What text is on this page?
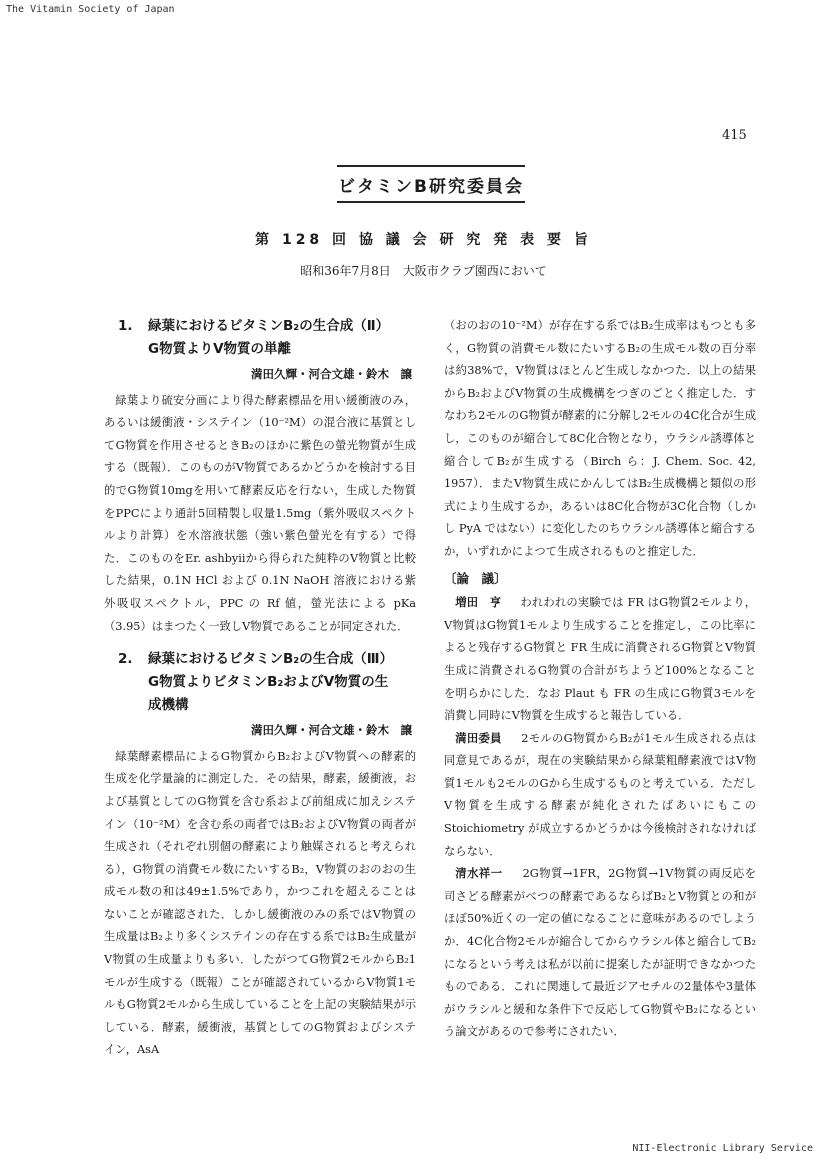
The Vitamin Society of Japan
415
ビタミンB研究委員会
第 128 回 協 議 会 研 究 発 表 要 旨
昭和36年7月8日　大阪市クラブ園西において
1.	緑葉におけるビタミンB₂の生合成（Ⅱ）
G物質よりV物質の単離
満田久輝・河合文雄・鈴木　譲

緑葉より硫安分画により得た酵素標品を用い緩衝液のみ，あるいは緩衝液・システイン（10⁻²M）の混合液に基質としてG物質を作用させるときB₂のほかに紫色の螢光物質が生成する（既報）．このものがV物質であるかどうかを検討する目的でG物質10mgを用いて酵素反応を行ない，生成した物質をPPCにより通計5回精製し収量1.5mg（紫外吸収スペクトルより計算）を水溶液状態（強い紫色螢光を有する）で得た．このものをEr. ashbyiiから得られた純粋のV物質と比較した結果，0.1N HCl および 0.1N NaOH 溶液における紫外吸収スペクトル，PPC の Rf 値，螢光法による pKa（3.95）はまつたく一致しV物質であることが同定された．

2.	緑葉におけるビタミンB₂の生合成（Ⅲ）
G物質よりビタミンB₂およびV物質の生
成機構
満田久輝・河合文雄・鈴木　譲

緑葉酵素標品によるG物質からB₂およびV物質への酵素的生成を化学量論的に測定した．その結果，酵素，緩衝液，および基質としてのG物質を含む系および前組成に加えシステイン（10⁻²M）を含む系の両者ではB₂およびV物質の両者が生成され（それぞれ別個の酵素により触媒されると考えられる），G物質の消費モル数にたいするB₂，V物質のおのおの生成モル数の和は49±1.5%であり，かつこれを超えることはないことが確認された．しかし緩衝液のみの系ではV物質の生成量はB₂より多くシステインの存在する系ではB₂生成量がV物質の生成量よりも多い．したがつてG物質2モルからB₂1モルが生成する（既報）ことが確認されているからV物質1モルもG物質2モルから生成していることを上記の実験結果が示している．酵素，緩衝液，基質としてのG物質およびシステイン，AsA

（おのおの10⁻²M）が存在する系ではB₂生成率はもつとも多く，G物質の消費モル数にたいするB₂の生成モル数の百分率は約38%で，V物質はほとんど生成しなかつた．以上の結果からB₂およびV物質の生成機構をつぎのごとく推定した．すなわち2モルのG物質が酵素的に分解し2モルの4C化合が生成し，このものが縮合して8C化合物となり，ウラシル誘導体と縮合してB₂が生成する（Birch ら：J. Chem. Soc. 42, 1957）．またV物質生成にかんしてはB₂生成機構と類似の形式により生成するか，あるいは8C化合物が3C化合物（しかし PyA ではない）に変化したのちウラシル誘導体と縮合するか，いずれかによつて生成されるものと推定した．

〔論　議〕

増田　亨 　 われわれの実験では FR はG物質2モルより，V物質はG物質1モルより生成することを推定し，この比率によると残存するG物質と FR 生成に消費されるG物質とV物質生成に消費されるG物質の合計がちようど100%となることを明らかにした．なお Plaut も FR の生成にG物質3モルを消費し同時にV物質を生成すると報告している．

満田委員 　 2モルのG物質からB₂が1モル生成される点は同意見であるが，現在の実験結果から緑葉粗酵素液ではV物質1モルも2モルのGから生成するものと考えている．ただしV物質を生成する酵素が純化されたばあいにもこの Stoichiometry が成立するかどうかは今後検討されなければならない．

清水祥一 　 2G物質→1FR，2G物質→1V物質の両反応を司さどる酵素がべつの酵素であるならばB₂とV物質との和がほぼ50%近くの一定の値になることに意味があるのでしようか．4C化合物2モルが縮合してからウラシル体と縮合してB₂になるという考えは私が以前に提案したが証明できなかつたものである．これに関連して最近ジアセチルの2量体や3量体がウラシルと緩和な条件下で反応してG物質やB₂になるという論文があるので参考にされたい．

NII-Electronic Library Service
